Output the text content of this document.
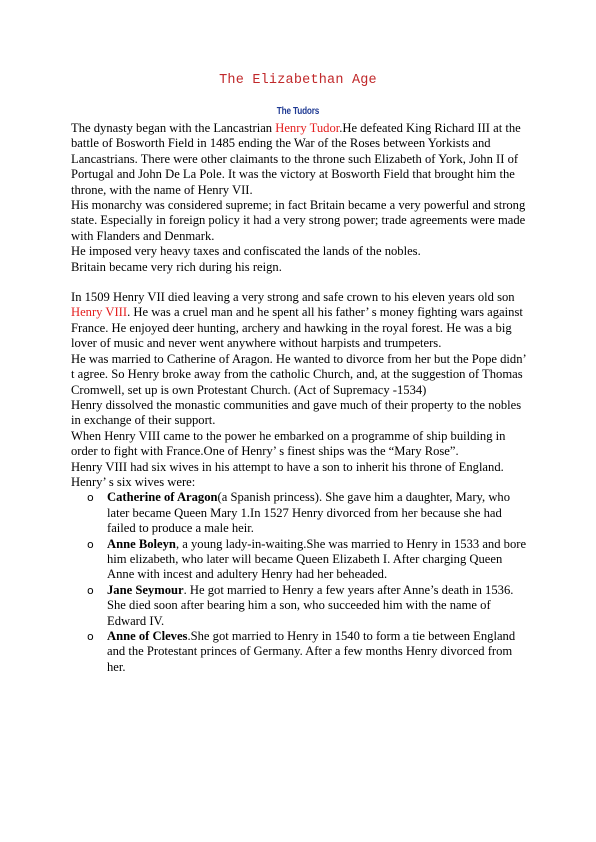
The Elizabethan Age
The Tudors

The dynasty began with the Lancastrian Henry Tudor.He defeated King Richard III at the battle of Bosworth Field in 1485 ending the War of the Roses between Yorkists and Lancastrians. There were other claimants to the throne such Elizabeth of York, John II of Portugal and John De La Pole. It was the victory at Bosworth Field that brought him the throne, with the name of Henry VII.

His monarchy was considered supreme; in fact Britain became a very powerful and strong state. Especially in foreign policy it had a very strong power; trade agreements were made with Flanders and Denmark.

He imposed very heavy taxes and confiscated the lands of the nobles.

Britain became very rich during his reign.

In 1509 Henry VII died leaving a very strong and safe crown to his eleven years old son Henry VIII. He was a cruel man and he spent all his father’ s money fighting wars against France. He enjoyed deer hunting, archery and hawking in the royal forest. He was a big lover of music and never went anywhere without harpists and trumpeters.

He was married to Catherine of Aragon. He wanted to divorce from her but the Pope didn’ t agree. So Henry broke away from the catholic Church, and, at the suggestion of Thomas Cromwell, set up is own Protestant Church. (Act of Supremacy -1534)

Henry dissolved the monastic communities and gave much of their property to the nobles in exchange of their support.

When Henry VIII came to the power he embarked on a programme of ship building in order to fight with France.One of Henry’ s finest ships was the “Mary Rose”.

Henry VIII had six wives in his attempt to have a son to inherit his throne of England.

Henry’ s six wives were:

o Catherine of Aragon(a Spanish princess). She gave him a daughter, Mary, who later became Queen Mary 1.In 1527 Henry divorced from her because she had failed to produce a male heir.
o Anne Boleyn, a young lady-in-waiting.She was married to Henry in 1533 and bore him elizabeth, who later will became Queen Elizabeth I. After charging Queen Anne with incest and adultery Henry had her beheaded.
o Jane Seymour. He got married to Henry a few years after Anne’s death in 1536. She died soon after bearing him a son, who succeeded him with the name of Edward IV.
o Anne of Cleves.She got married to Henry in 1540 to form a tie between England and the Protestant princes of Germany. After a few months Henry divorced from her.
